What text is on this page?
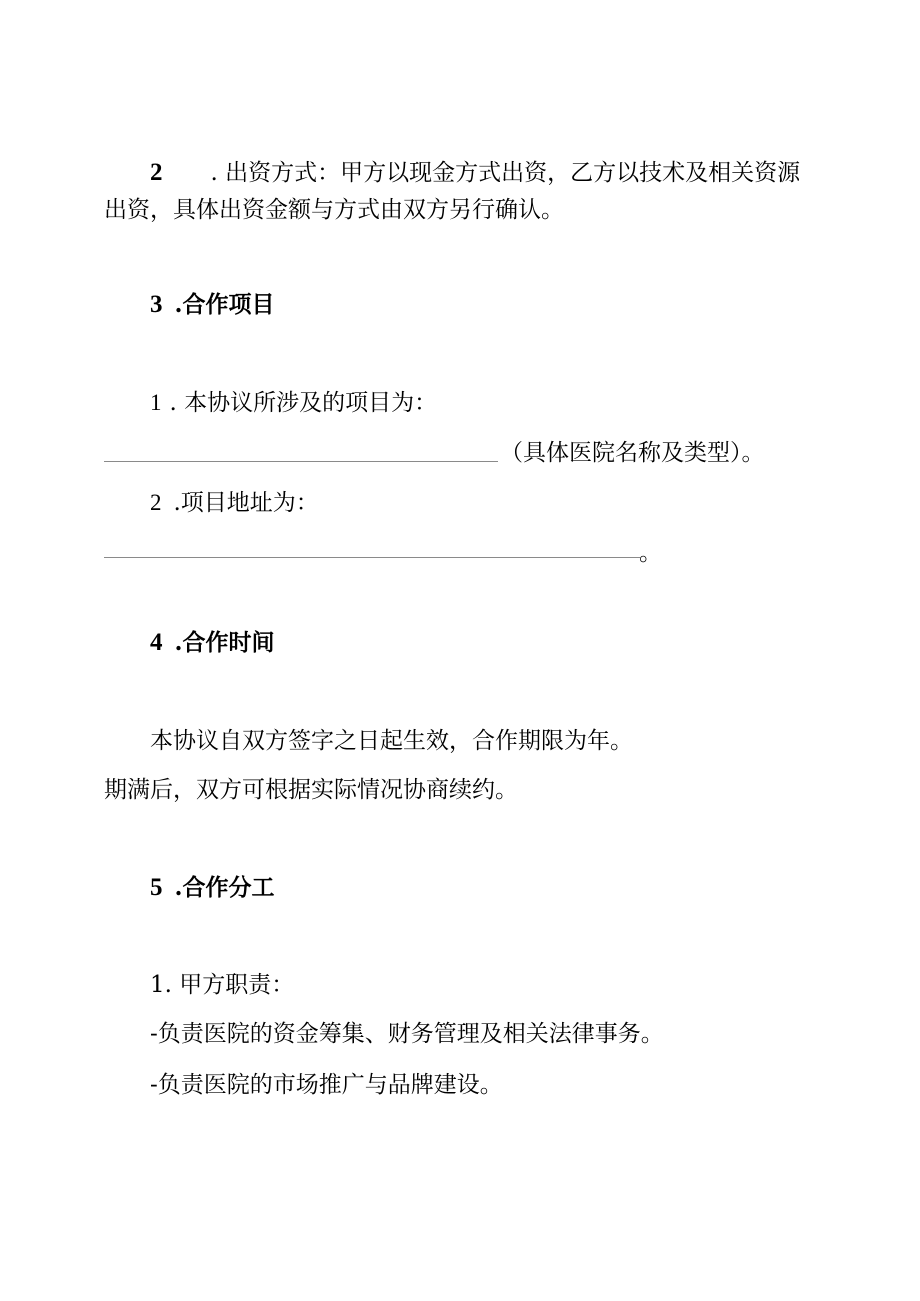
2 . 出资方式：甲方以现金方式出资，乙方以技术及相关资源
出资，具体出资金额与方式由双方另行确认。
3 .合作项目
1 . 本协议所涉及的项目为：
（具体医院名称及类型）。
2 .项目地址为：
。
4 .合作时间
本协议自双方签字之日起生效，合作期限为年。
期满后，双方可根据实际情况协商续约。
5 .合作分工
1. 甲方职责：
-负责医院的资金筹集、财务管理及相关法律事务。
-负责医院的市场推广与品牌建设。
